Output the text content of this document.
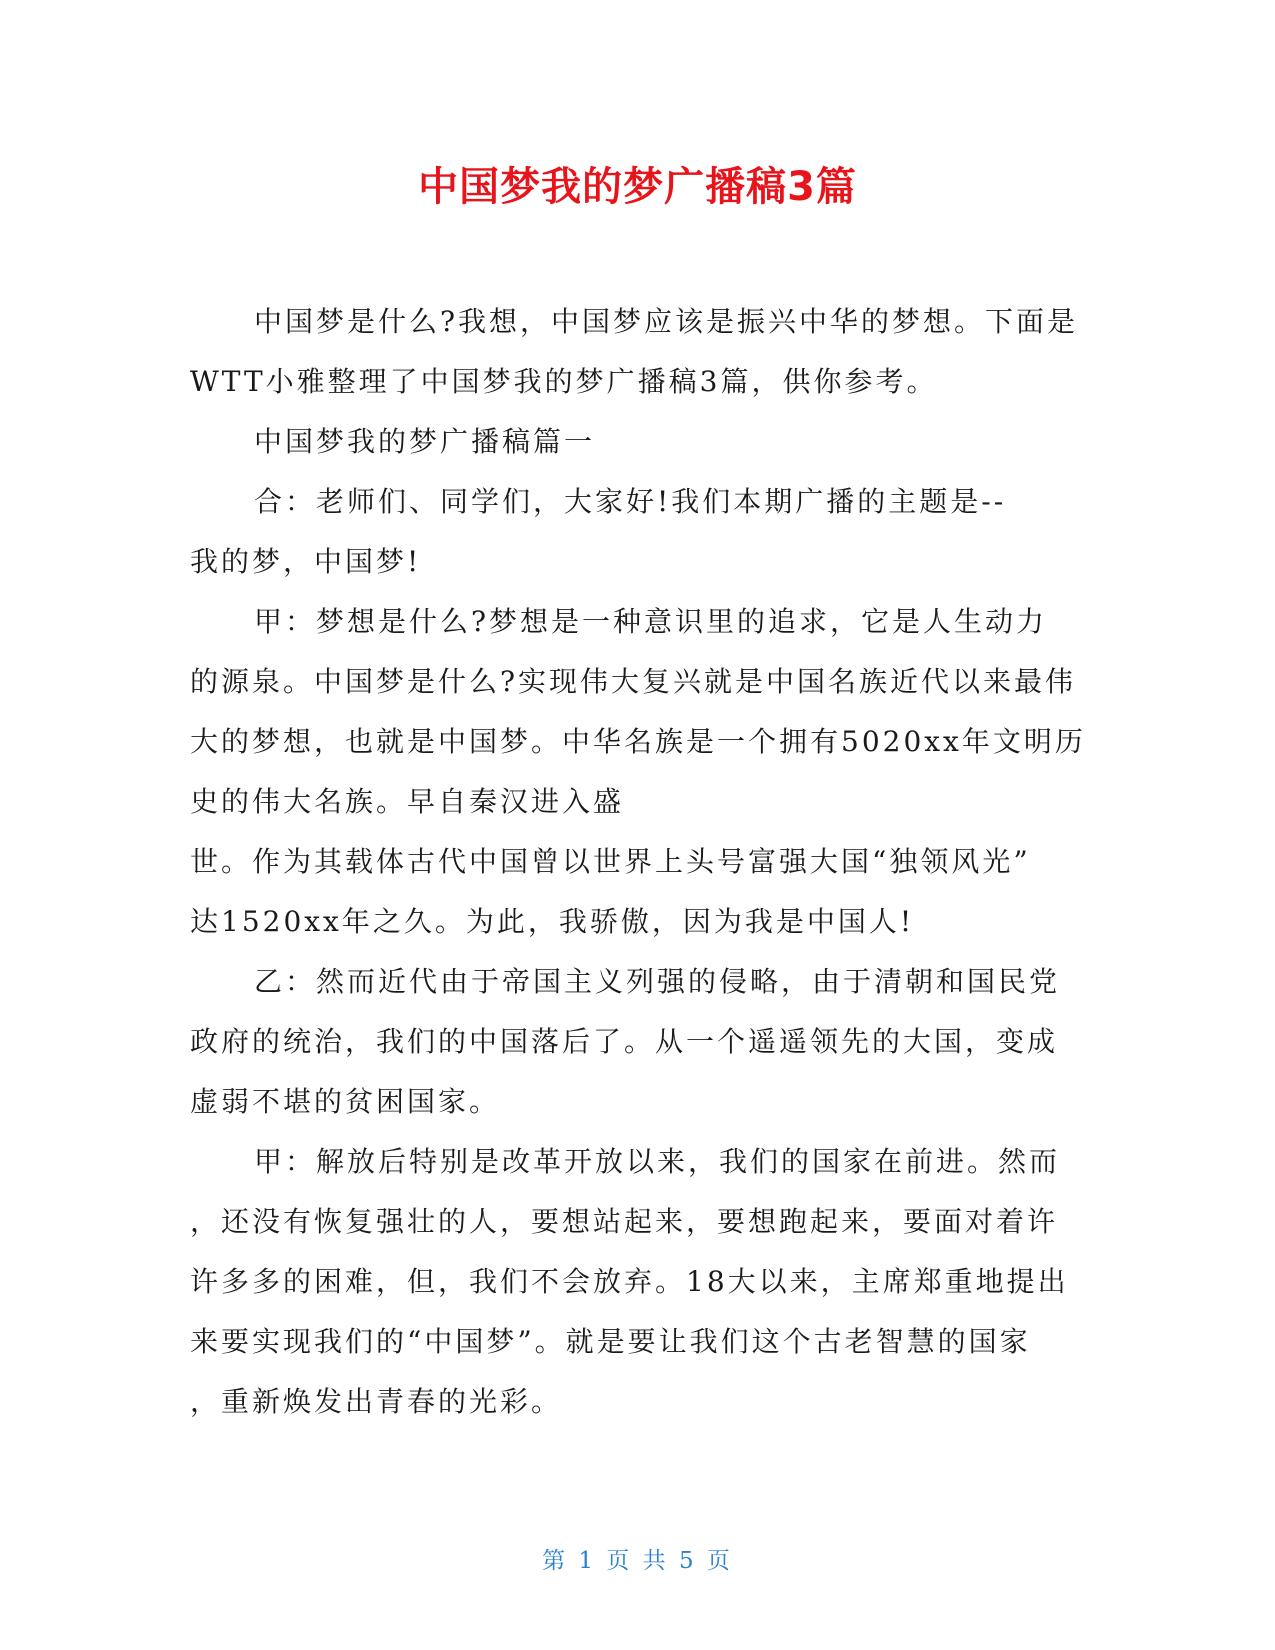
中国梦我的梦广播稿3篇
中国梦是什么?我想，中国梦应该是振兴中华的梦想。下面是
WTT小雅整理了中国梦我的梦广播稿3篇，供你参考。
中国梦我的梦广播稿篇一
合：老师们、同学们，大家好!我们本期广播的主题是--
我的梦，中国梦!
甲：梦想是什么?梦想是一种意识里的追求，它是人生动力
的源泉。中国梦是什么?实现伟大复兴就是中国名族近代以来最伟
大的梦想，也就是中国梦。中华名族是一个拥有5020xx年文明历
史的伟大名族。早自秦汉进入盛
世。作为其载体古代中国曾以世界上头号富强大国“独领风光”
达1520xx年之久。为此，我骄傲，因为我是中国人!
乙：然而近代由于帝国主义列强的侵略，由于清朝和国民党
政府的统治，我们的中国落后了。从一个遥遥领先的大国，变成
虚弱不堪的贫困国家。
甲：解放后特别是改革开放以来，我们的国家在前进。然而
，还没有恢复强壮的人，要想站起来，要想跑起来，要面对着许
许多多的困难，但，我们不会放弃。18大以来，主席郑重地提出
来要实现我们的“中国梦”。就是要让我们这个古老智慧的国家
，重新焕发出青春的光彩。
第 1 页 共 5 页
